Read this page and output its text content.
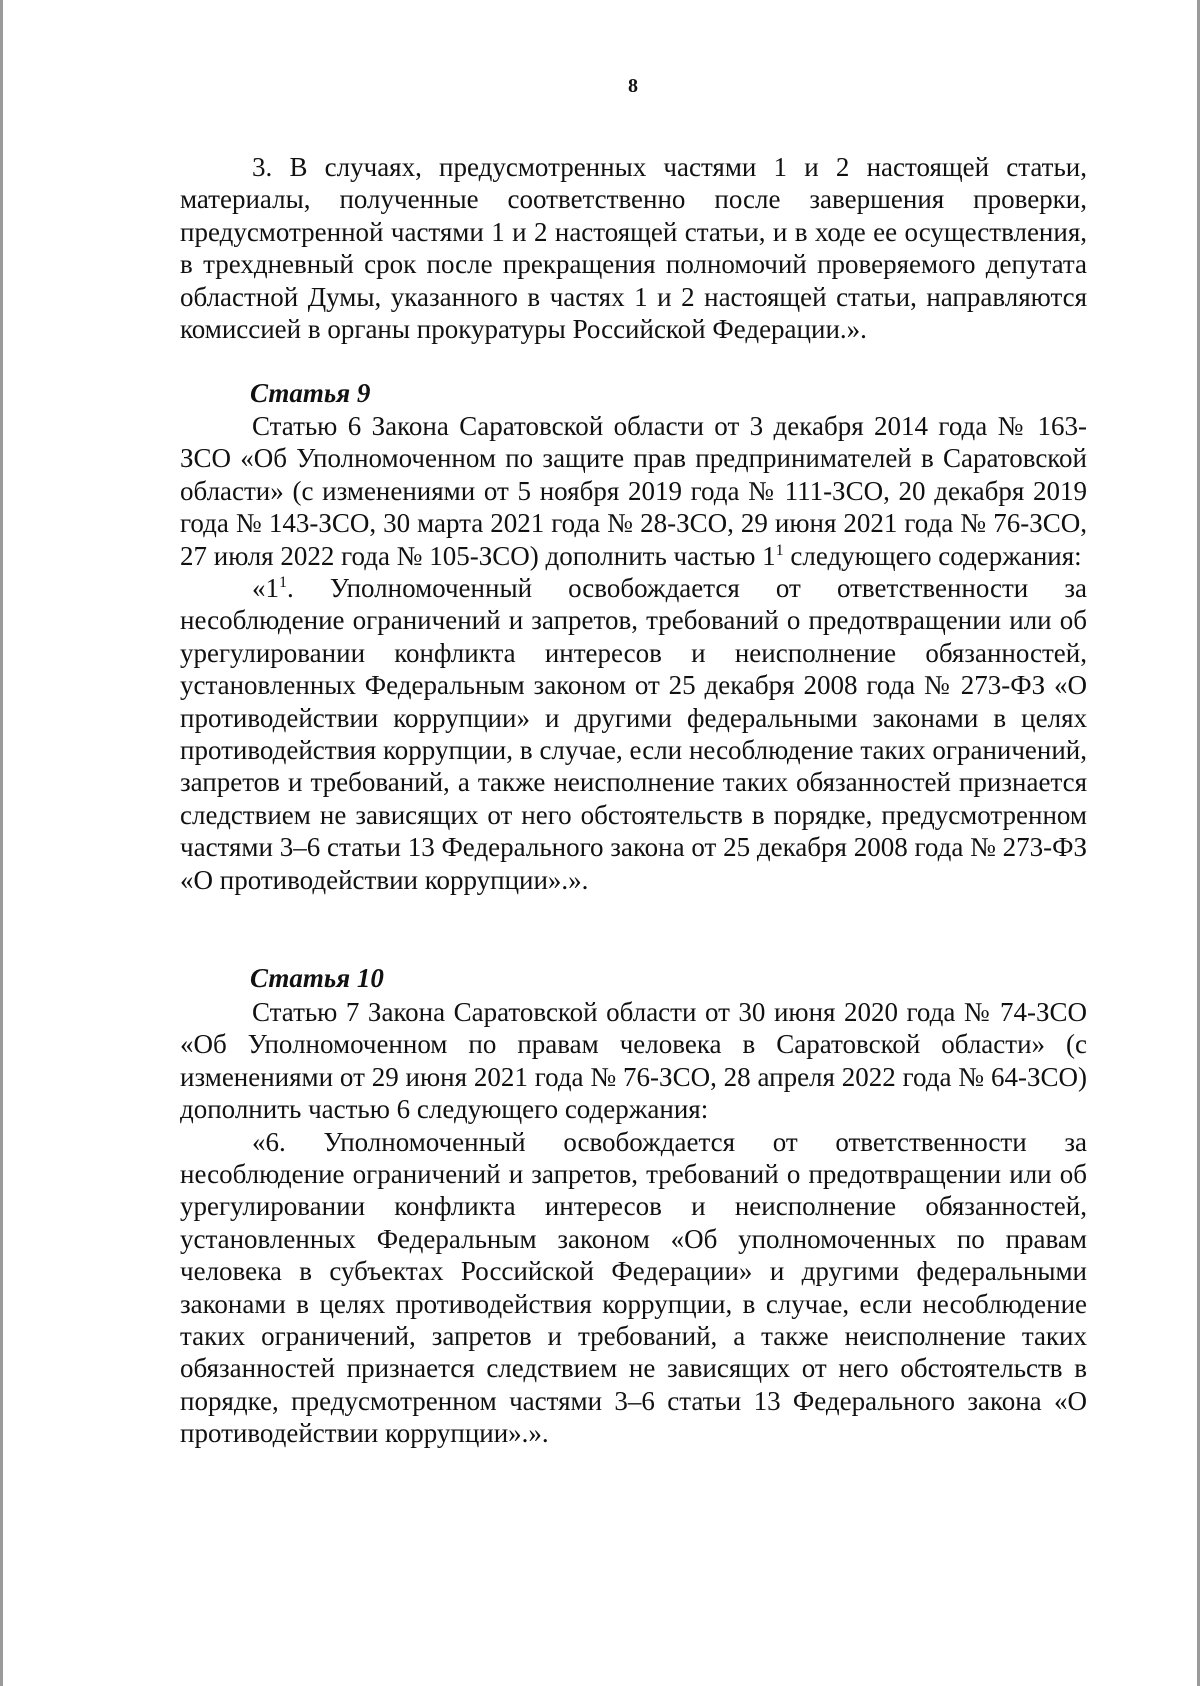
8

3. В случаях, предусмотренных частями 1 и 2 настоящей статьи, материалы, полученные соответственно после завершения проверки, предусмотренной частями 1 и 2 настоящей статьи, и в ходе ее осуществления, в трехдневный срок после прекращения полномочий проверяемого депутата областной Думы, указанного в частях 1 и 2 настоящей статьи, направляются комиссией в органы прокуратуры Российской Федерации.».

Статья 9

Статью 6 Закона Саратовской области от 3 декабря 2014 года № 163-ЗСО «Об Уполномоченном по защите прав предпринимателей в Саратовской области» (с изменениями от 5 ноября 2019 года № 111-ЗСО, 20 декабря 2019 года № 143-ЗСО, 30 марта 2021 года № 28-ЗСО, 29 июня 2021 года № 76-ЗСО, 27 июля 2022 года № 105-ЗСО) дополнить частью $1^1$ следующего содержания:

«$1^1$. Уполномоченный освобождается от ответственности за несоблюдение ограничений и запретов, требований о предотвращении или об урегулировании конфликта интересов и неисполнение обязанностей, установленных Федеральным законом от 25 декабря 2008 года № 273-ФЗ «О противодействии коррупции» и другими федеральными законами в целях противодействия коррупции, в случае, если несоблюдение таких ограничений, запретов и требований, а также неисполнение таких обязанностей признается следствием не зависящих от него обстоятельств в порядке, предусмотренном частями 3–6 статьи 13 Федерального закона от 25 декабря 2008 года № 273-ФЗ «О противодействии коррупции».».

Статья 10

Статью 7 Закона Саратовской области от 30 июня 2020 года № 74-ЗСО «Об Уполномоченном по правам человека в Саратовской области» (с изменениями от 29 июня 2021 года № 76-ЗСО, 28 апреля 2022 года № 64-ЗСО) дополнить частью 6 следующего содержания:

«6. Уполномоченный освобождается от ответственности за несоблюдение ограничений и запретов, требований о предотвращении или об урегулировании конфликта интересов и неисполнение обязанностей, установленных Федеральным законом «Об уполномоченных по правам человека в субъектах Российской Федерации» и другими федеральными законами в целях противодействия коррупции, в случае, если несоблюдение таких ограничений, запретов и требований, а также неисполнение таких обязанностей признается следствием не зависящих от него обстоятельств в порядке, предусмотренном частями 3–6 статьи 13 Федерального закона «О противодействии коррупции».».
